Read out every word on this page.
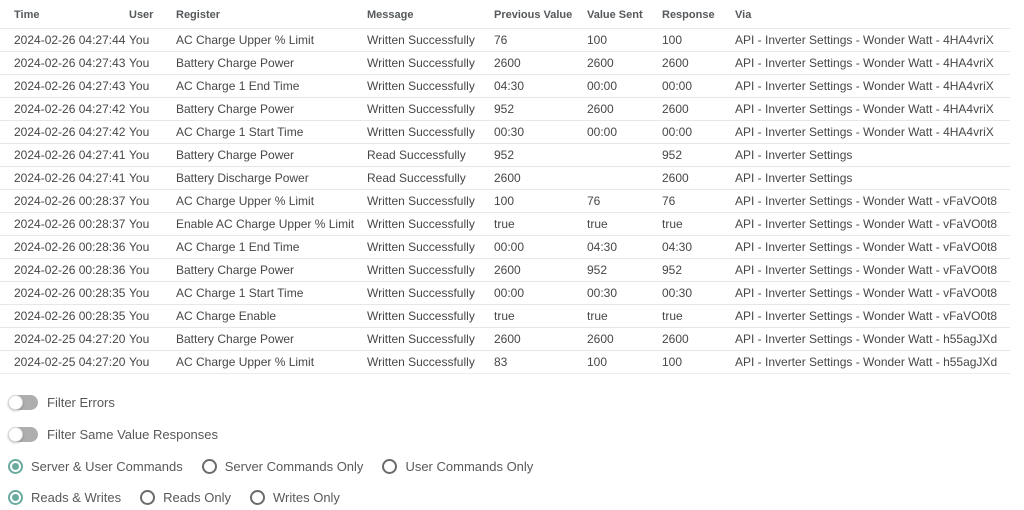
Time	User	Register	Message	Previous Value	Value Sent	Response	Via
2024-02-26 04:27:44	You	AC Charge Upper % Limit	Written Successfully	76	100	100	API - Inverter Settings - Wonder Watt - 4HA4vriX
2024-02-26 04:27:43	You	Battery Charge Power	Written Successfully	2600	2600	2600	API - Inverter Settings - Wonder Watt - 4HA4vriX
2024-02-26 04:27:43	You	AC Charge 1 End Time	Written Successfully	04:30	00:00	00:00	API - Inverter Settings - Wonder Watt - 4HA4vriX
2024-02-26 04:27:42	You	Battery Charge Power	Written Successfully	952	2600	2600	API - Inverter Settings - Wonder Watt - 4HA4vriX
2024-02-26 04:27:42	You	AC Charge 1 Start Time	Written Successfully	00:30	00:00	00:00	API - Inverter Settings - Wonder Watt - 4HA4vriX
2024-02-26 04:27:41	You	Battery Charge Power	Read Successfully	952		952	API - Inverter Settings
2024-02-26 04:27:41	You	Battery Discharge Power	Read Successfully	2600		2600	API - Inverter Settings
2024-02-26 00:28:37	You	AC Charge Upper % Limit	Written Successfully	100	76	76	API - Inverter Settings - Wonder Watt - vFaVO0t8
2024-02-26 00:28:37	You	Enable AC Charge Upper % Limit	Written Successfully	true	true	true	API - Inverter Settings - Wonder Watt - vFaVO0t8
2024-02-26 00:28:36	You	AC Charge 1 End Time	Written Successfully	00:00	04:30	04:30	API - Inverter Settings - Wonder Watt - vFaVO0t8
2024-02-26 00:28:36	You	Battery Charge Power	Written Successfully	2600	952	952	API - Inverter Settings - Wonder Watt - vFaVO0t8
2024-02-26 00:28:35	You	AC Charge 1 Start Time	Written Successfully	00:00	00:30	00:30	API - Inverter Settings - Wonder Watt - vFaVO0t8
2024-02-26 00:28:35	You	AC Charge Enable	Written Successfully	true	true	true	API - Inverter Settings - Wonder Watt - vFaVO0t8
2024-02-25 04:27:20	You	Battery Charge Power	Written Successfully	2600	2600	2600	API - Inverter Settings - Wonder Watt - h55agJXd
2024-02-25 04:27:20	You	AC Charge Upper % Limit	Written Successfully	83	100	100	API - Inverter Settings - Wonder Watt - h55agJXd
Filter Errors
Filter Same Value Responses
Server & User Commands	Server Commands Only	User Commands Only
Reads & Writes	Reads Only	Writes Only
